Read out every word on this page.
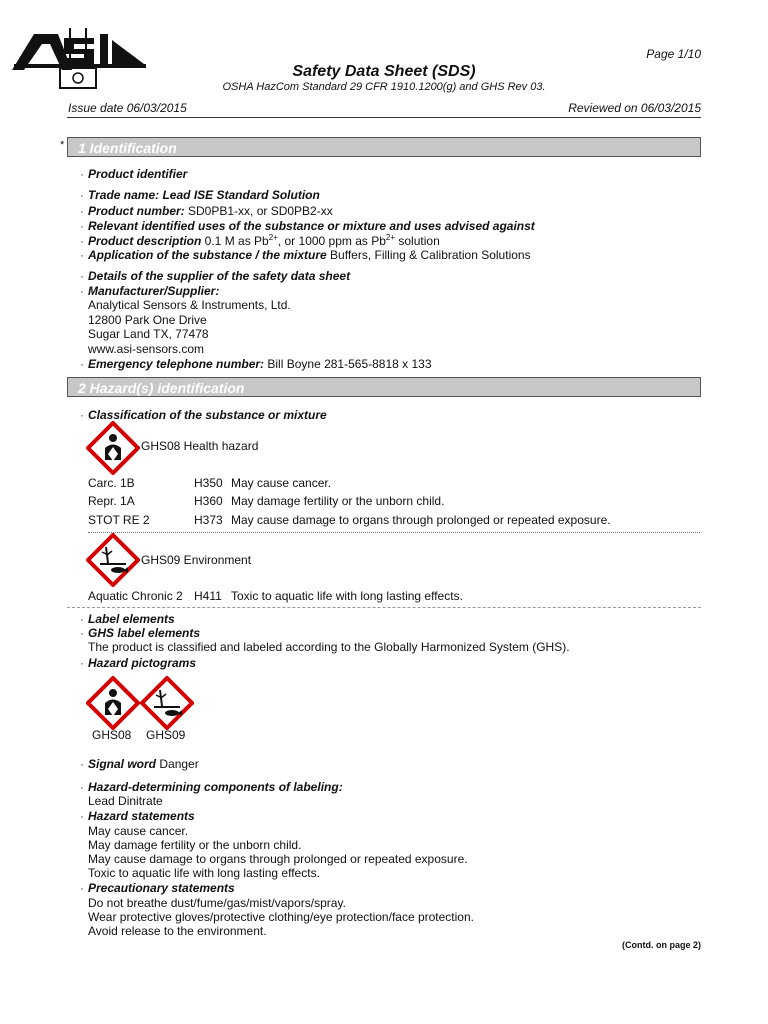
Page 1/10
Safety Data Sheet (SDS)
OSHA HazCom Standard 29 CFR 1910.1200(g) and GHS Rev 03.
Issue date 06/03/2015	Reviewed on 06/03/2015
* 1 Identification
· Product identifier
· Trade name: Lead ISE Standard Solution
· Product number: SD0PB1-xx, or SD0PB2-xx
· Relevant identified uses of the substance or mixture and uses advised against
· Product description 0.1 M as $Pb^{2+}$, or 1000 ppm as $Pb^{2+}$ solution
· Application of the substance / the mixture Buffers, Filling & Calibration Solutions
· Details of the supplier of the safety data sheet
· Manufacturer/Supplier:
Analytical Sensors & Instruments, Ltd.
12800 Park One Drive
Sugar Land TX, 77478
www.asi-sensors.com
· Emergency telephone number: Bill Boyne 281-565-8818 x 133
2 Hazard(s) identification
· Classification of the substance or mixture
GHS08 Health hazard
Carc. 1B	H350 May cause cancer.
Repr. 1A	H360 May damage fertility or the unborn child.
STOT RE 2	H373 May cause damage to organs through prolonged or repeated exposure.
GHS09 Environment
Aquatic Chronic 2 H411 Toxic to aquatic life with long lasting effects.
· Label elements
· GHS label elements
The product is classified and labeled according to the Globally Harmonized System (GHS).
· Hazard pictograms
GHS08 GHS09
· Signal word Danger
· Hazard-determining components of labeling:
Lead Dinitrate
· Hazard statements
May cause cancer.
May damage fertility or the unborn child.
May cause damage to organs through prolonged or repeated exposure.
Toxic to aquatic life with long lasting effects.
· Precautionary statements
Do not breathe dust/fume/gas/mist/vapors/spray.
Wear protective gloves/protective clothing/eye protection/face protection.
Avoid release to the environment.
(Contd. on page 2)
